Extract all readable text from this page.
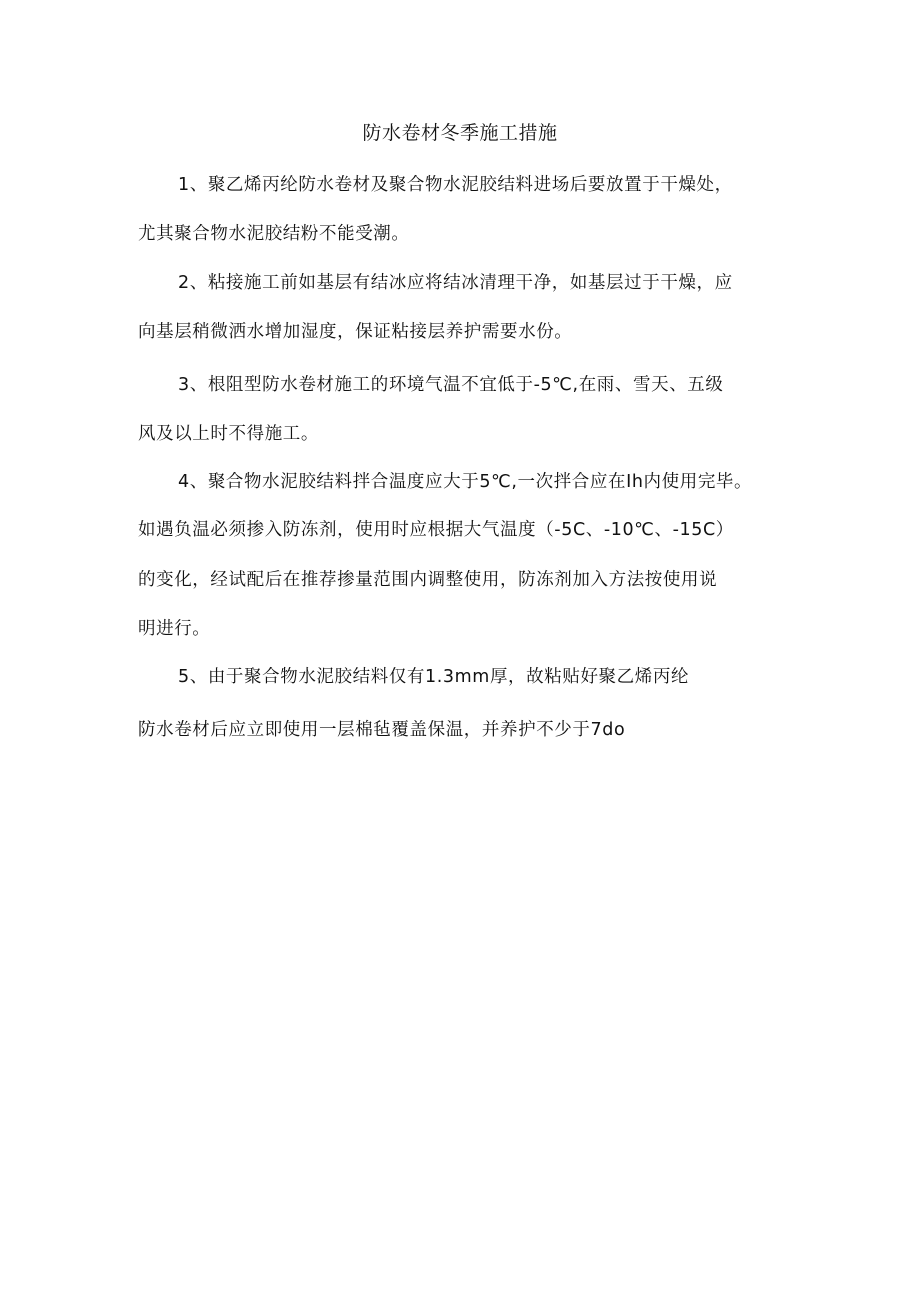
防水卷材冬季施工措施
1、聚乙烯丙纶防水卷材及聚合物水泥胶结料进场后要放置于干燥处，
尤其聚合物水泥胶结粉不能受潮。
2、粘接施工前如基层有结冰应将结冰清理干净，如基层过于干燥，应
向基层稍微洒水增加湿度，保证粘接层养护需要水份。
3、根阻型防水卷材施工的环境气温不宜低于-5℃,在雨、雪天、五级
风及以上时不得施工。
4、聚合物水泥胶结料拌合温度应大于5℃,一次拌合应在Ih内使用完毕。
如遇负温必须掺入防冻剂，使用时应根据大气温度（-5C、-10℃、-15C）
的变化，经试配后在推荐掺量范围内调整使用，防冻剂加入方法按使用说
明进行。
5、由于聚合物水泥胶结料仅有1.3mm厚，故粘贴好聚乙烯丙纶
防水卷材后应立即使用一层棉毡覆盖保温，并养护不少于7do
